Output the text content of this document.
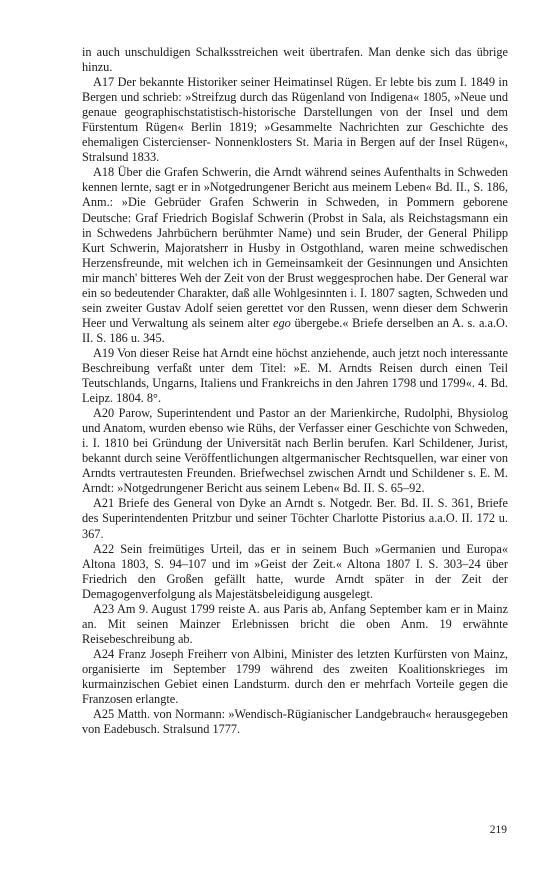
in auch unschuldigen Schalksstreichen weit übertrafen. Man denke sich das übrige hinzu.

A17 Der bekannte Historiker seiner Heimatinsel Rügen. Er lebte bis zum I. 1849 in Bergen und schrieb: »Streifzug durch das Rügenland von Indigena« 1805, »Neue und genaue geographischstatistisch-historische Darstellungen von der Insel und dem Fürstentum Rügen« Berlin 1819; »Gesammelte Nachrichten zur Geschichte des ehemaligen Cistercienser- Nonnenklosters St. Maria in Bergen auf der Insel Rügen«, Stralsund 1833.

A18 Über die Grafen Schwerin, die Arndt während seines Aufenthalts in Schweden kennen lernte, sagt er in »Notgedrungener Bericht aus meinem Leben« Bd. II., S. 186, Anm.: »Die Gebrüder Grafen Schwerin in Schweden, in Pommern geborene Deutsche: Graf Friedrich Bogislaf Schwerin (Probst in Sala, als Reichstagsmann ein in Schwedens Jahrbüchern berühmter Name) und sein Bruder, der General Philipp Kurt Schwerin, Majoratsherr in Husby in Ostgothland, waren meine schwedischen Herzensfreunde, mit welchen ich in Gemeinsamkeit der Gesinnungen und Ansichten mir manch' bitteres Weh der Zeit von der Brust weggesprochen habe. Der General war ein so bedeutender Charakter, daß alle Wohlgesinnten i. I. 1807 sagten, Schweden und sein zweiter Gustav Adolf seien gerettet vor den Russen, wenn dieser dem Schwerin Heer und Verwaltung als seinem alter ego übergebe.« Briefe derselben an A. s. a.a.O. II. S. 186 u. 345.

A19 Von dieser Reise hat Arndt eine höchst anziehende, auch jetzt noch interessante Beschreibung verfaßt unter dem Titel: »E. M. Arndts Reisen durch einen Teil Teutschlands, Ungarns, Italiens und Frankreichs in den Jahren 1798 und 1799«. 4. Bd. Leipz. 1804. 8°.

A20 Parow, Superintendent und Pastor an der Marienkirche, Rudolphi, Bhysiolog und Anatom, wurden ebenso wie Rühs, der Verfasser einer Geschichte von Schweden, i. I. 1810 bei Gründung der Universität nach Berlin berufen. Karl Schildener, Jurist, bekannt durch seine Veröffentlichungen altgermanischer Rechtsquellen, war einer von Arndts vertrautesten Freunden. Briefwechsel zwischen Arndt und Schildener s. E. M. Arndt: »Notgedrungener Bericht aus seinem Leben« Bd. II. S. 65–92.

A21 Briefe des General von Dyke an Arndt s. Notgedr. Ber. Bd. II. S. 361, Briefe des Superintendenten Pritzbur und seiner Töchter Charlotte Pistorius a.a.O. II. 172 u. 367.

A22 Sein freimütiges Urteil, das er in seinem Buch »Germanien und Europa« Altona 1803, S. 94–107 und im »Geist der Zeit.« Altona 1807 I. S. 303–24 über Friedrich den Großen gefällt hatte, wurde Arndt später in der Zeit der Demagogenverfolgung als Majestätsbeleidigung ausgelegt.

A23 Am 9. August 1799 reiste A. aus Paris ab, Anfang September kam er in Mainz an. Mit seinen Mainzer Erlebnissen bricht die oben Anm. 19 erwähnte Reisebeschreibung ab.

A24 Franz Joseph Freiherr von Albini, Minister des letzten Kurfürsten von Mainz, organisierte im September 1799 während des zweiten Koalitionskrieges im kurmainzischen Gebiet einen Landsturm. durch den er mehrfach Vorteile gegen die Franzosen erlangte.

A25 Matth. von Normann: »Wendisch-Rügianischer Landgebrauch« herausgegeben von Eadebusch. Stralsund 1777.

219
